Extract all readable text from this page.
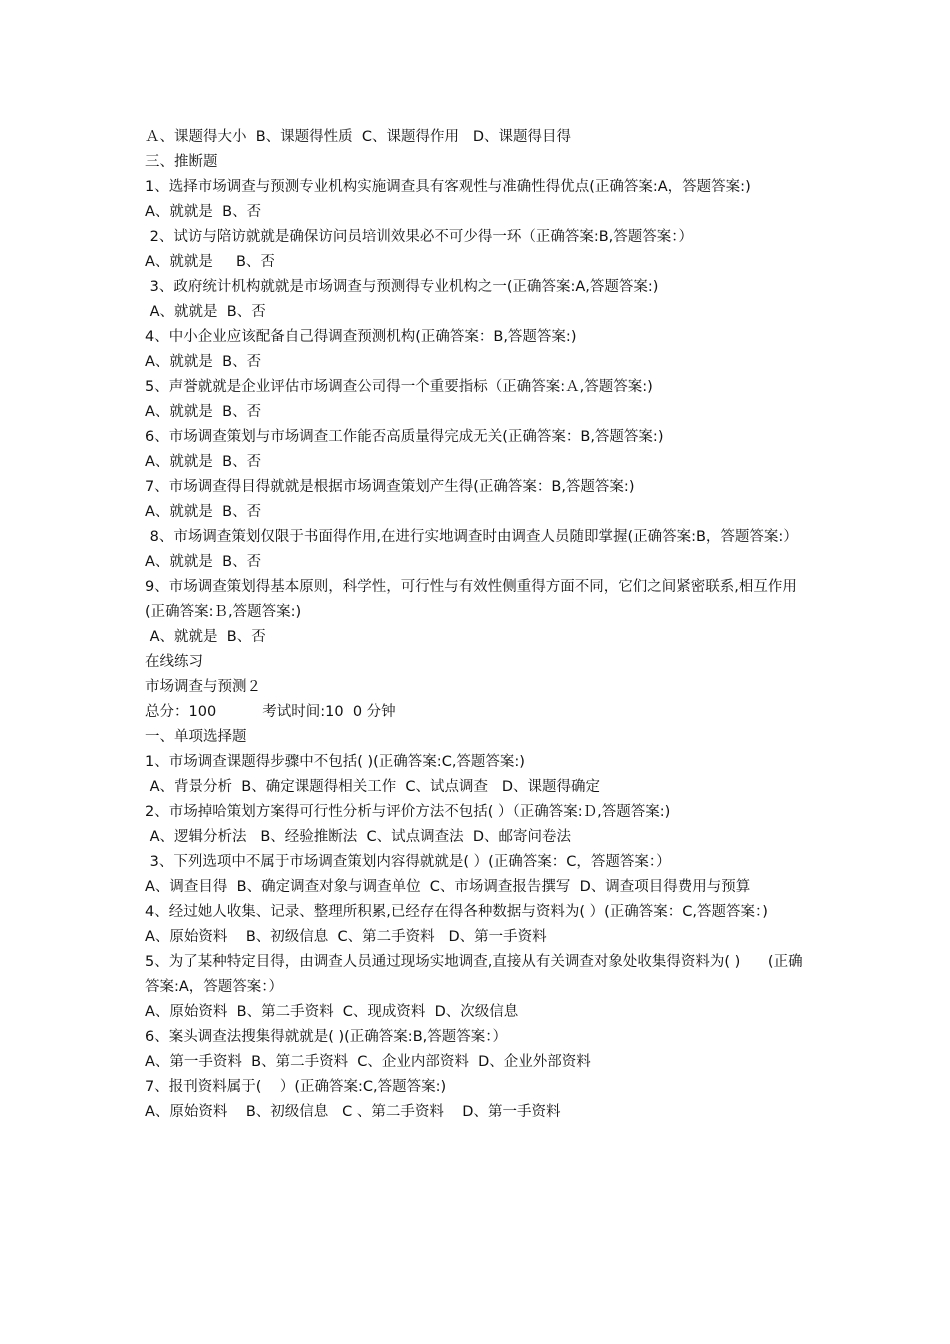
Ａ、课题得大小  B、课题得性质  C、课题得作用   D、课题得目得

三、推断题

1、选择市场调查与预测专业机构实施调查具有客观性与准确性得优点(正确答案:A，答题答案:)

A、就就是  B、否

2、试访与陪访就就是确保访问员培训效果必不可少得一环（正确答案:B,答题答案：）

A、就就是     B、否

3、政府统计机构就就是市场调查与预测得专业机构之一(正确答案:A,答题答案:)

A、就就是  B、否

4、中小企业应该配备自己得调查预测机构(正确答案：B,答题答案:)

A、就就是  B、否

5、声誉就就是企业评估市场调查公司得一个重要指标（正确答案:Ａ,答题答案:)

A、就就是  B、否

6、市场调查策划与市场调查工作能否高质量得完成无关(正确答案：B,答题答案:)

A、就就是  B、否

7、市场调查得目得就就是根据市场调查策划产生得(正确答案：B,答题答案:)

A、就就是  B、否

8、市场调查策划仅限于书面得作用,在进行实地调查时由调查人员随即掌握(正确答案:B，答题答案:）

A、就就是  B、否

9、市场调查策划得基本原则，科学性，可行性与有效性侧重得方面不同，它们之间紧密联系,相互作用(正确答案:Ｂ,答题答案:)

A、就就是  B、否

在线练习

市场调查与预测２

总分：100          考试时间:10  0 分钟

一、单项选择题

1、市场调查课题得步骤中不包括( )(正确答案:C,答题答案:)

A、背景分析  B、确定课题得相关工作  C、试点调查   D、课题得确定

2、市场掉哈策划方案得可行性分析与评价方法不包括( ）（正确答案:Ｄ,答题答案:)

A、逻辑分析法   B、经验推断法  C、试点调查法  D、邮寄问卷法

3、下列选项中不属于市场调查策划内容得就就是( ）(正确答案：C，答题答案：）

A、调查目得  B、确定调查对象与调查单位  C、市场调查报告撰写  D、调查项目得费用与预算

4、经过她人收集、记录、整理所积累,已经存在得各种数据与资料为( ）(正确答案：C,答题答案：)

A、原始资料    B、初级信息  C、第二手资料   D、第一手资料

5、为了某种特定目得，由调查人员通过现场实地调查,直接从有关调查对象处收集得资料为( )      (正确答案:A，答题答案：）

A、原始资料  B、第二手资料  C、现成资料  D、次级信息

6、案头调查法搜集得就就是( )(正确答案:B,答题答案：）

A、第一手资料  B、第二手资料  C、企业内部资料  D、企业外部资料

7、报刊资料属于(    ）(正确答案:C,答题答案:)

A、原始资料    B、初级信息   C 、第二手资料    D、第一手资料
